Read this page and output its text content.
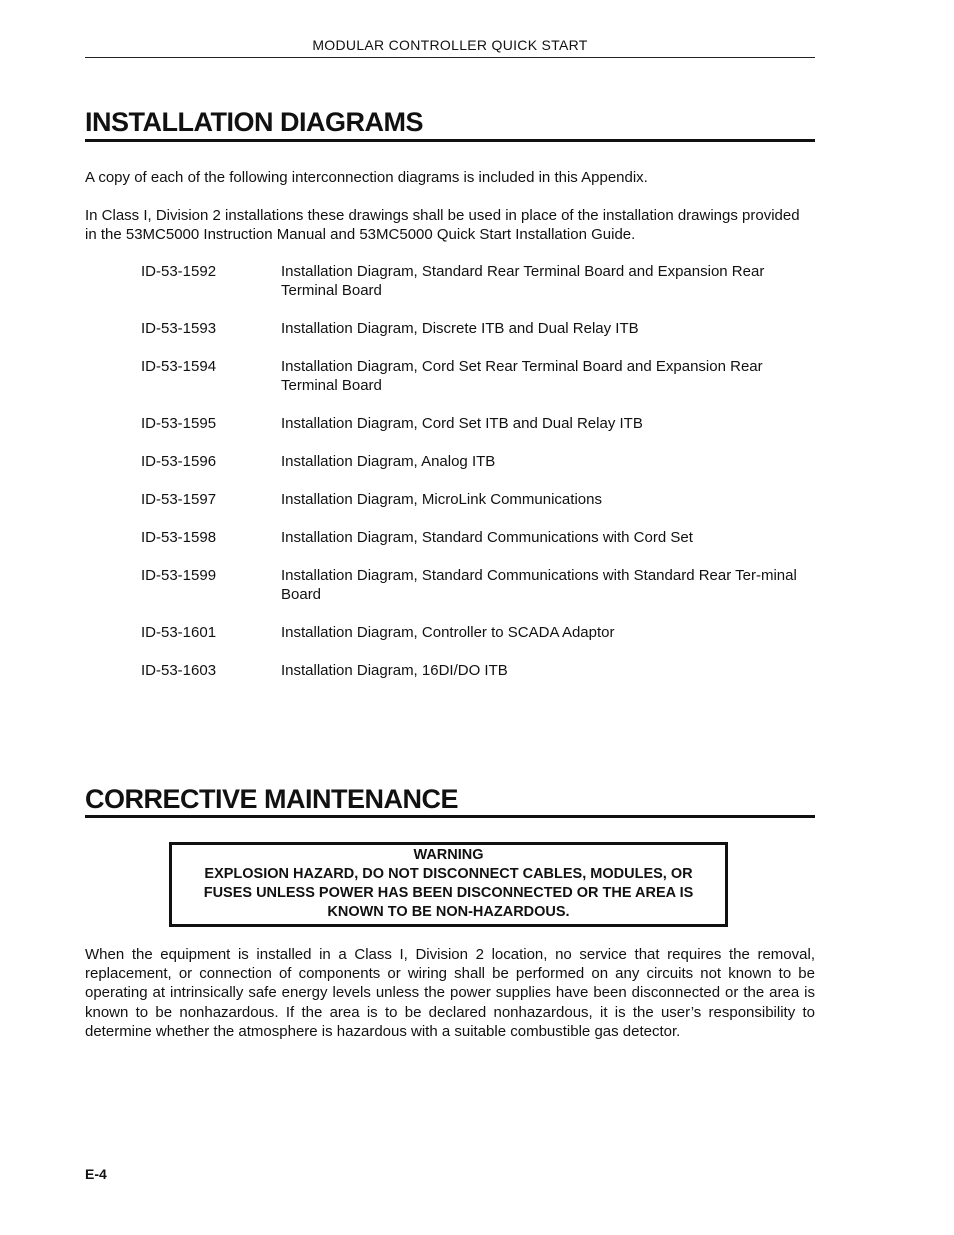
MODULAR CONTROLLER QUICK START
INSTALLATION DIAGRAMS

A copy of each of the following interconnection diagrams is included in this Appendix.

In Class I, Division 2 installations these drawings shall be used in place of the installation drawings provided in the 53MC5000 Instruction Manual and 53MC5000 Quick Start Installation Guide.

ID-53-1592	Installation Diagram, Standard Rear Terminal Board and Expansion Rear Terminal Board
ID-53-1593	Installation Diagram, Discrete ITB and Dual Relay ITB
ID-53-1594	Installation Diagram, Cord Set Rear Terminal Board and Expansion Rear Terminal Board
ID-53-1595	Installation Diagram, Cord Set ITB and Dual Relay ITB
ID-53-1596	Installation Diagram, Analog ITB
ID-53-1597	Installation Diagram, MicroLink Communications
ID-53-1598	Installation Diagram, Standard Communications with Cord Set
ID-53-1599	Installation Diagram, Standard Communications with Standard Rear Ter-minal Board
ID-53-1601	Installation Diagram, Controller to SCADA Adaptor
ID-53-1603	Installation Diagram, 16DI/DO ITB
CORRECTIVE MAINTENANCE
WARNING
EXPLOSION HAZARD, DO NOT DISCONNECT CABLES, MODULES, OR
FUSES UNLESS POWER HAS BEEN DISCONNECTED OR THE AREA IS
KNOWN TO BE NON-HAZARDOUS.

When the equipment is installed in a Class I, Division 2 location, no service that requires the removal, replacement, or connection of components or wiring shall be performed on any circuits not known to be operating at intrinsically safe energy levels unless the power supplies have been disconnected or the area is known to be nonhazardous. If the area is to be declared nonhazardous, it is the user’s responsibility to determine whether the atmosphere is hazardous with a suitable combustible gas detector.

E-4
